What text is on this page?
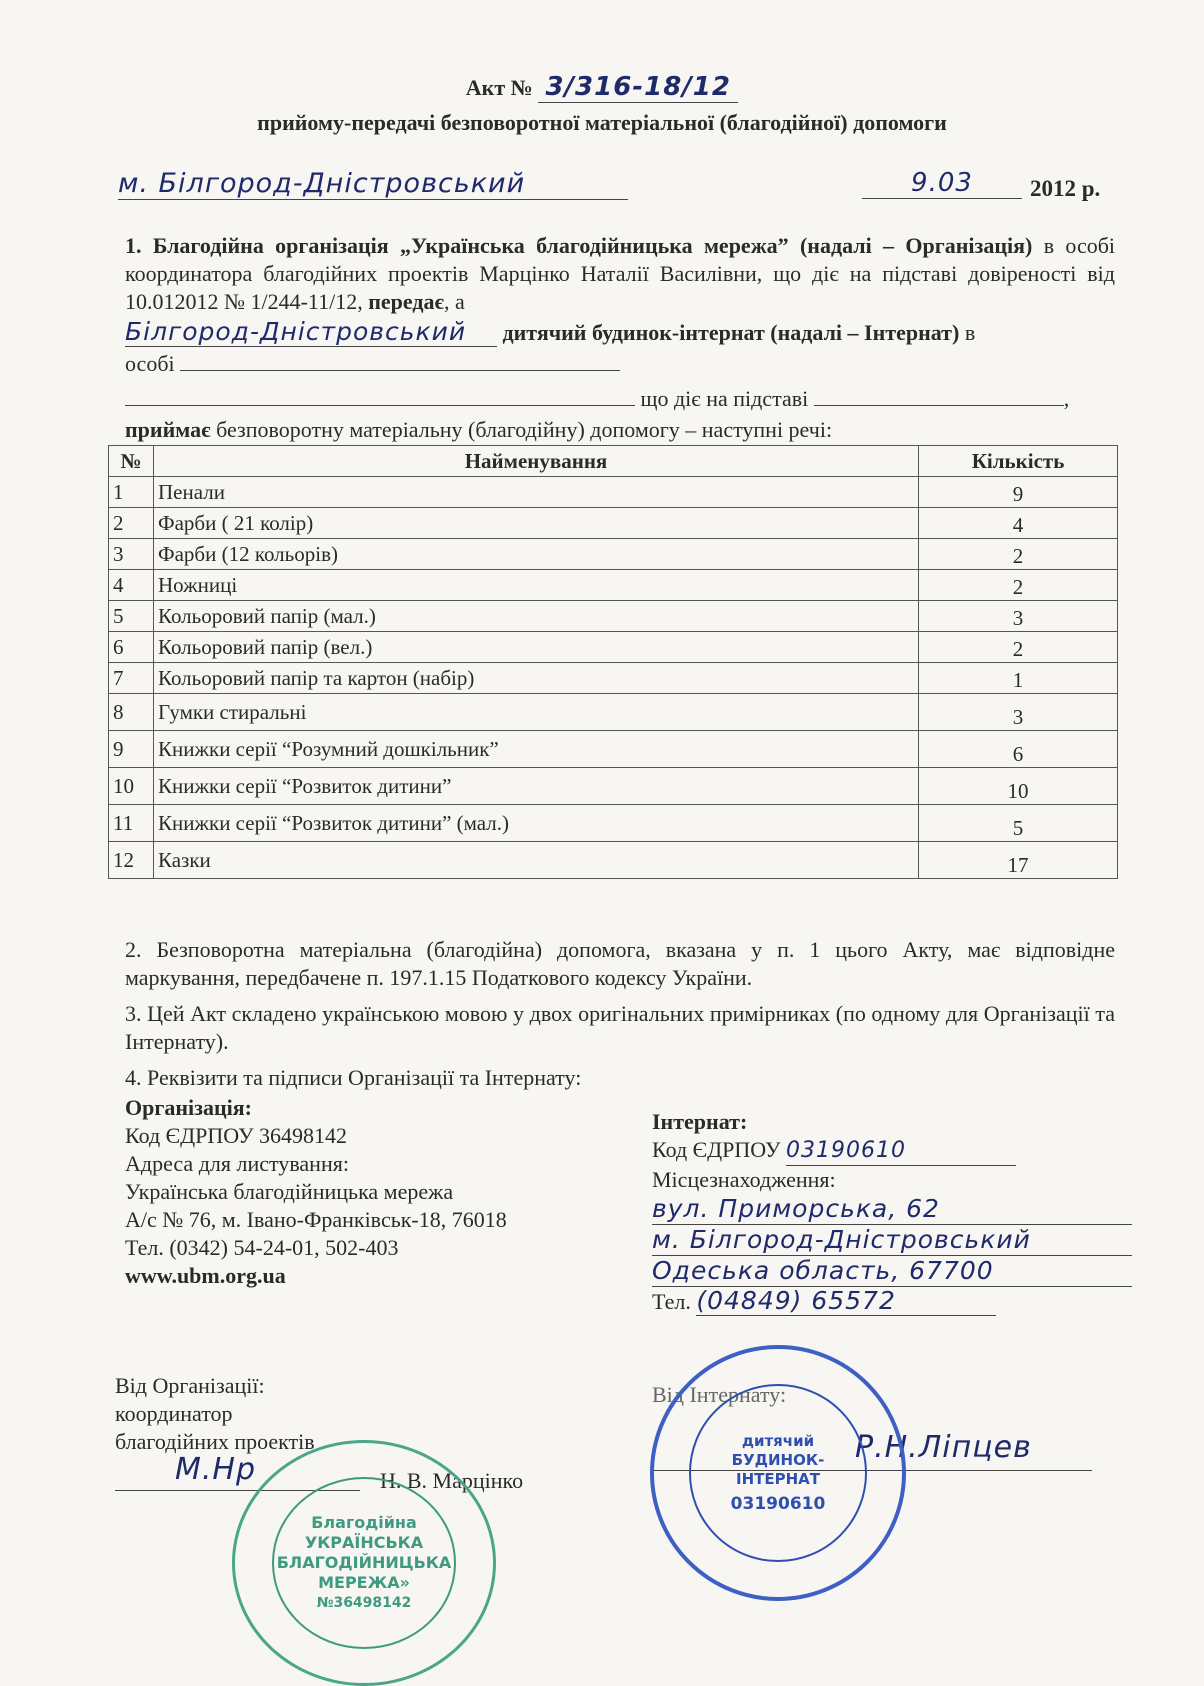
Акт № 3/316-18/12
прийому-передачі безповоротної матеріальної (благодійної) допомоги
м. Білгород-Дністровський	9.03	2012 р.
1. Благодійна організація „Українська благодійницька мережа” (надалі – Організація) в особі координатора благодійних проектів Марцінко Наталії Василівни, що діє на підставі довіреності від 10.012012 № 1/244-11/12, передає, а
Білгород-Дністровський дитячий будинок-інтернат (надалі – Інтернат) в
особі
що діє на підставі	,
приймає безповоротну матеріальну (благодійну) допомогу – наступні речі:
№	Найменування	Кількість
1	Пенали	9
2	Фарби ( 21 колір)	4
3	Фарби (12 кольорів)	2
4	Ножниці	2
5	Кольоровий папір (мал.)	3
6	Кольоровий папір (вел.)	2
7	Кольоровий папір та картон (набір)	1
8	Гумки стиральні	3
9	Книжки серії “Розумний дошкільник”	6
10	Книжки серії “Розвиток дитини”	10
11	Книжки серії “Розвиток дитини” (мал.)	5
12	Казки	17
2. Безповоротна матеріальна (благодійна) допомога, вказана у п. 1 цього Акту, має відповідне маркування, передбачене п. 197.1.15 Податкового кодексу України.
3. Цей Акт складено українською мовою у двох оригінальних примірниках (по одному для Організації та Інтернату).
4. Реквізити та підписи Організації та Інтернату:
Організація:
Код ЄДРПОУ 36498142
Адреса для листування:
Українська благодійницька мережа
А/с № 76, м. Івано-Франківськ-18, 76018
Тел. (0342) 54-24-01, 502-403
www.ubm.org.ua
Інтернат:
Код ЄДРПОУ 03190610
Місцезнаходження:
вул. Приморська, 62
м. Білгород-Дністровський
Одеська область, 67700
Тел. (04849) 65572
Від Організації:
координатор
благодійних проектів
М.Нр	Н. В. Марцінко
Від Інтернату:
Р.Н.Ліпцев
Благодійна
УКРАЇНСЬКА
БЛАГОДІЙНИЦЬКА
МЕРЕЖА»
№36498142
дитячий
БУДИНОК-
ІНТЕРНАТ
03190610
